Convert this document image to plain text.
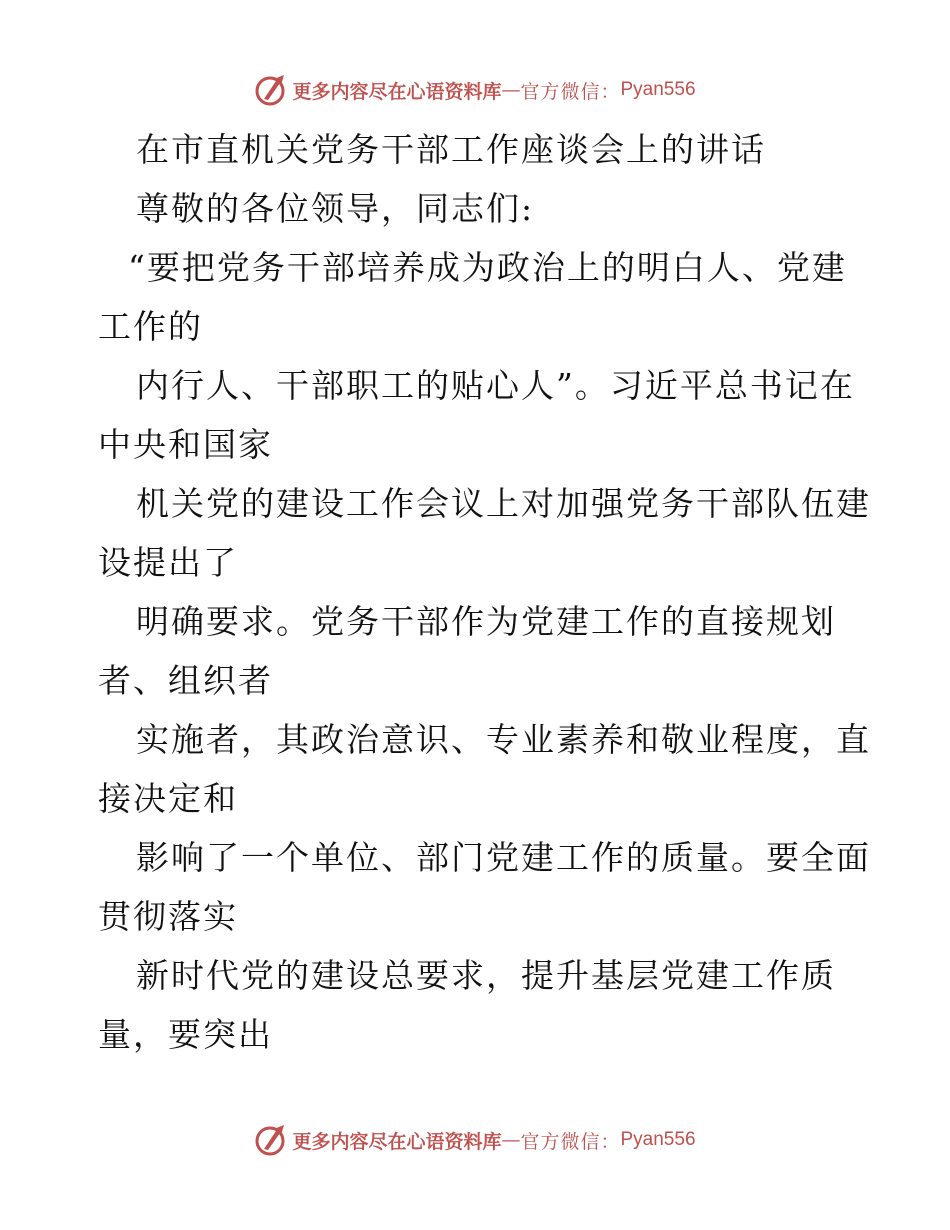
更多内容尽在心语资料库 — 官方微信： Pyan556
在市直机关党务干部工作座谈会上的讲话
尊敬的各位领导，同志们:
“要把党务干部培养成为政治上的明白人、党建
工作的
内行人、干部职工的贴心人”。习近平总书记在
中央和国家
机关党的建设工作会议上对加强党务干部队伍建
设提出了
明确要求。党务干部作为党建工作的直接规划
者、组织者
实施者，其政治意识、专业素养和敬业程度，直
接决定和
影响了一个单位、部门党建工作的质量。要全面
贯彻落实
新时代党的建设总要求，提升基层党建工作质
量，要突出
更多内容尽在心语资料库 — 官方微信： Pyan556
